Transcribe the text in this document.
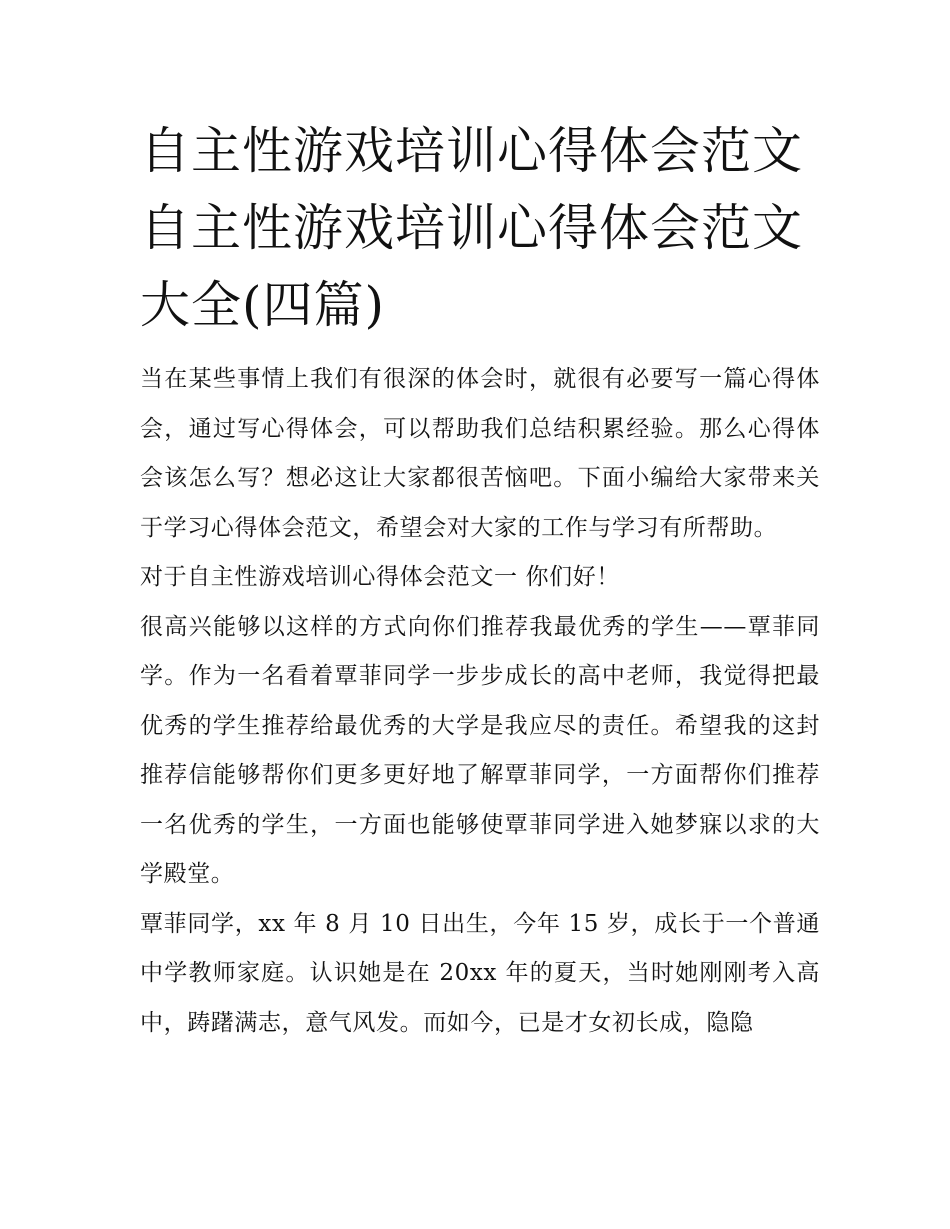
自主性游戏培训心得体会范文
自主性游戏培训心得体会范文
大全(四篇)

当在某些事情上我们有很深的体会时，就很有必要写一篇心得体会，通过写心得体会，可以帮助我们总结积累经验。那么心得体会该怎么写？想必这让大家都很苦恼吧。下面小编给大家带来关于学习心得体会范文，希望会对大家的工作与学习有所帮助。

对于自主性游戏培训心得体会范文一 你们好！

很高兴能够以这样的方式向你们推荐我最优秀的学生——覃菲同学。作为一名看着覃菲同学一步步成长的高中老师，我觉得把最优秀的学生推荐给最优秀的大学是我应尽的责任。希望我的这封推荐信能够帮你们更多更好地了解覃菲同学，一方面帮你们推荐一名优秀的学生，一方面也能够使覃菲同学进入她梦寐以求的大学殿堂。

覃菲同学，xx 年 8 月 10 日出生，今年 15 岁，成长于一个普通中学教师家庭。认识她是在 20xx 年的夏天，当时她刚刚考入高中，踌躇满志，意气风发。而如今，已是才女初长成，隐隐
